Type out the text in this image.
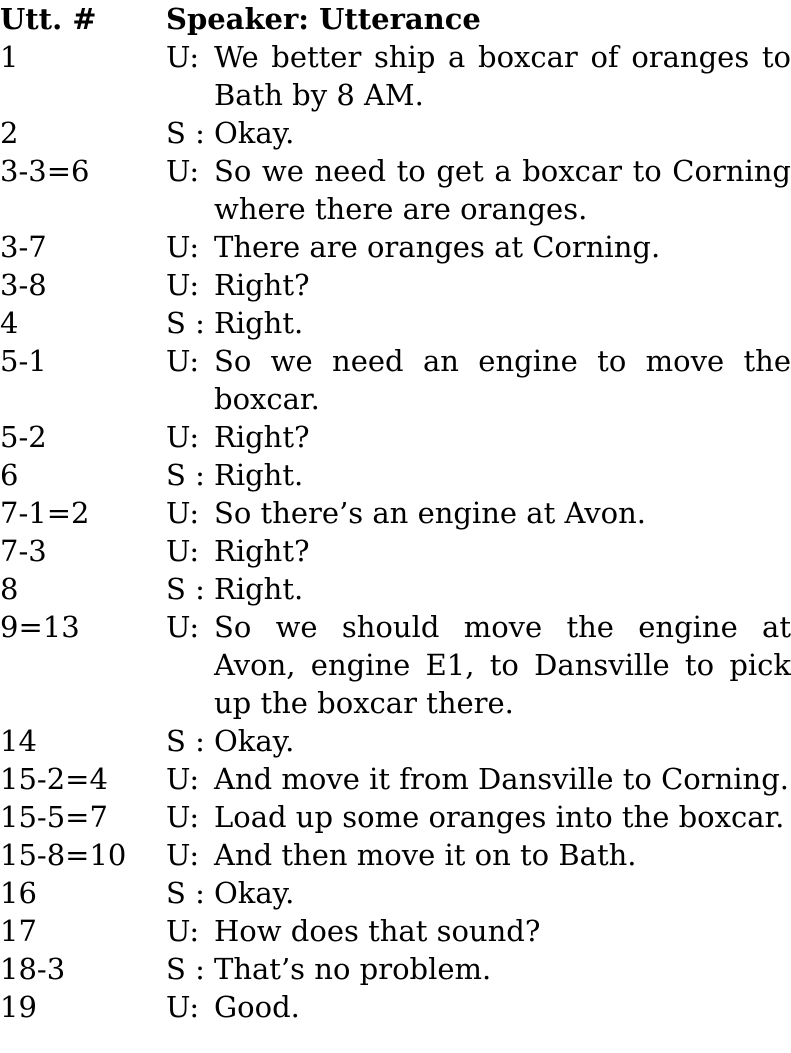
Utt. #	Speaker: Utterance
1	U: We better ship a boxcar of oranges to Bath by 8 AM.
2	S : Okay.
3-3=6	U: So we need to get a boxcar to Corning where there are oranges.
3-7	U: There are oranges at Corning.
3-8	U: Right?
4	S : Right.
5-1	U: So we need an engine to move the boxcar.
5-2	U: Right?
6	S : Right.
7-1=2	U: So there’s an engine at Avon.
7-3	U: Right?
8	S : Right.
9=13	U: So we should move the engine at Avon, engine E1, to Dansville to pick up the boxcar there.
14	S : Okay.
15-2=4	U: And move it from Dansville to Corning.
15-5=7	U: Load up some oranges into the boxcar.
15-8=10	U: And then move it on to Bath.
16	S : Okay.
17	U: How does that sound?
18-3	S : That’s no problem.
19	U: Good.
